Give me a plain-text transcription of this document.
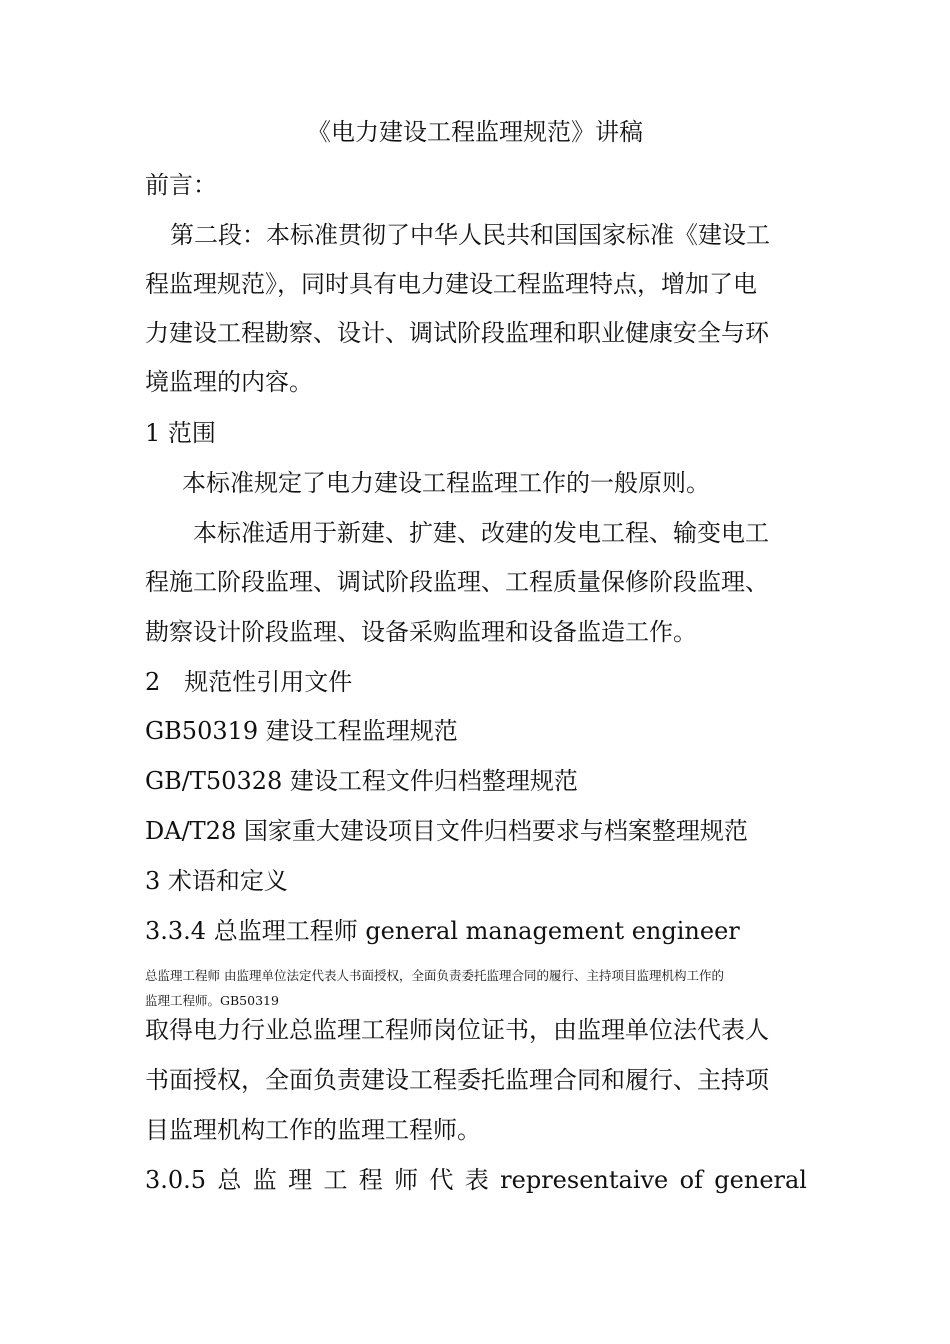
《电力建设工程监理规范》讲稿
前言：
第二段：本标准贯彻了中华人民共和国国家标准《建设工
程监理规范》，同时具有电力建设工程监理特点，增加了电
力建设工程勘察、设计、调试阶段监理和职业健康安全与环
境监理的内容。
1 范围
本标准规定了电力建设工程监理工作的一般原则。
本标准适用于新建、扩建、改建的发电工程、输变电工
程施工阶段监理、调试阶段监理、工程质量保修阶段监理、
勘察设计阶段监理、设备采购监理和设备监造工作。
2　规范性引用文件
GB50319 建设工程监理规范
GB/T50328 建设工程文件归档整理规范
DA/T28 国家重大建设项目文件归档要求与档案整理规范
3 术语和定义
3.3.4 总监理工程师 general management engineer
总监理工程师 由监理单位法定代表人书面授权，全面负责委托监理合同的履行、主持项目监理机构工作的
监理工程师。GB50319
取得电力行业总监理工程师岗位证书，由监理单位法代表人
书面授权，全面负责建设工程委托监理合同和履行、主持项
目监理机构工作的监理工程师。
3.0.5 总 监 理 工 程 师 代 表 representaive of general
